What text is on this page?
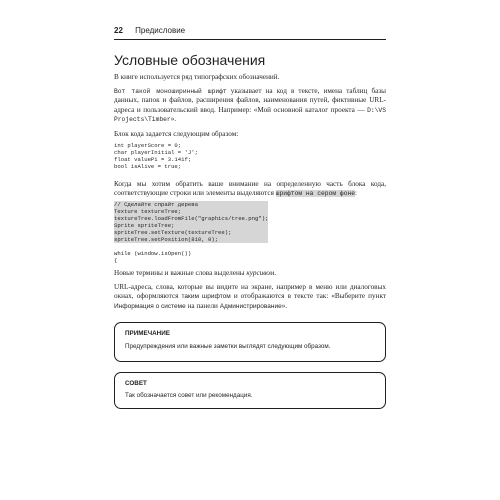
22 Предисловие
Условные обозначения

В книге используется ряд типографских обозначений.

Вот такой моноширинный шрифт указывает на код в тексте, имена таблиц базы данных, папок и файлов, расширения файлов, наименования путей, фиктивные URL-адреса и пользовательский ввод. Например: «Мой основной каталог проекта — D:\VS Projects\Timber».

Блок кода задается следующим образом:

int playerScore = 0;
char playerInitial = 'J';
float valuePi = 3.141f;
bool isAlive = true;

Когда мы хотим обратить ваше внимание на определенную часть блока кода, соответствующие строки или элементы выделяются шрифтом на сером фоне:

// Сделайте спрайт дерева
Texture textureTree;
textureTree.loadFromFile("graphics/tree.png");
Sprite spriteTree;
spriteTree.setTexture(textureTree);
spriteTree.setPosition(810, 0);
while (window.isOpen())
{

Новые термины и важные слова выделены курсивом.

URL-адреса, слова, которые вы видите на экране, например в меню или диалоговых окнах, оформляются таким шрифтом и отображаются в тексте так: «Выберите пункт Информация о системе на панели Администрирование».

ПРИМЕЧАНИЕ
Предупреждения или важные заметки выглядят следующим образом.
СОВЕТ
Так обозначается совет или рекомендация.
